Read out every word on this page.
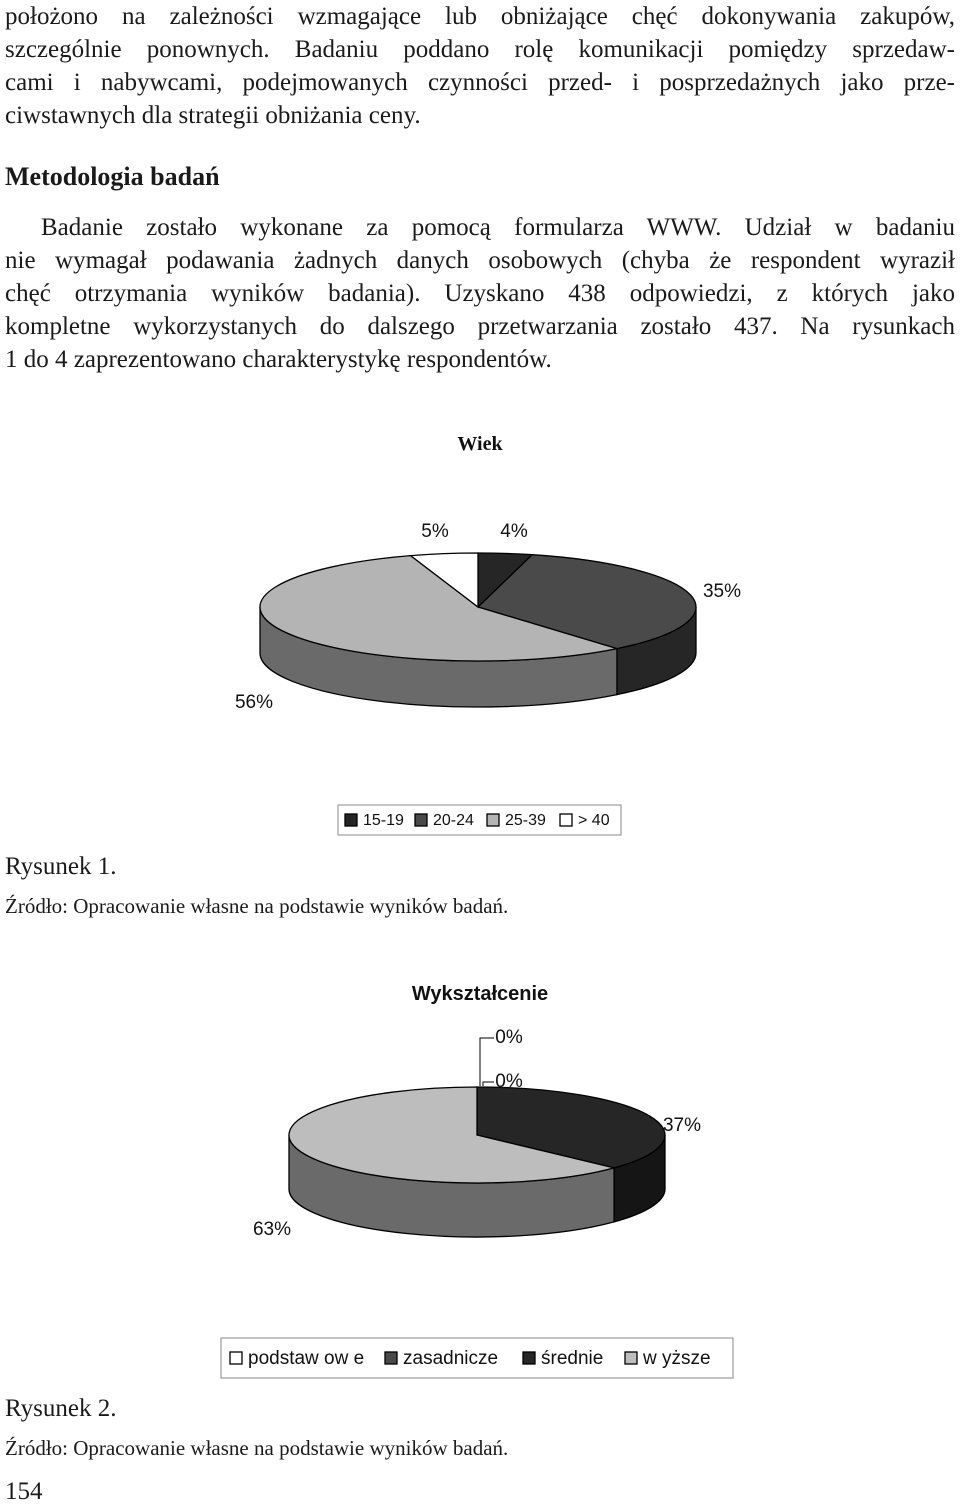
położono na zależności wzmagające lub obniżające chęć dokonywania zakupów,
szczególnie ponownych. Badaniu poddano rolę komunikacji pomiędzy sprzedaw-
cami i nabywcami, podejmowanych czynności przed- i posprzedażnych jako prze-
ciwstawnych dla strategii obniżania ceny.
Metodologia badań
Badanie zostało wykonane za pomocą formularza WWW. Udział w badaniu
nie wymagał podawania żadnych danych osobowych (chyba że respondent wyraził
chęć otrzymania wyników badania). Uzyskano 438 odpowiedzi, z których jako
kompletne wykorzystanych do dalszego przetwarzania zostało 437. Na rysunkach
1 do 4 zaprezentowano charakterystykę respondentów.
Wiek
4%
35%
56%
5%
15-19 20-24 25-39 > 40

Rysunek 1.

Źródło: Opracowanie własne na podstawie wyników badań.

Wykształcenie
0%
0%
37%
63%
podstaw ow e zasadnicze średnie w yższe

Rysunek 2.

Źródło: Opracowanie własne na podstawie wyników badań.

154
